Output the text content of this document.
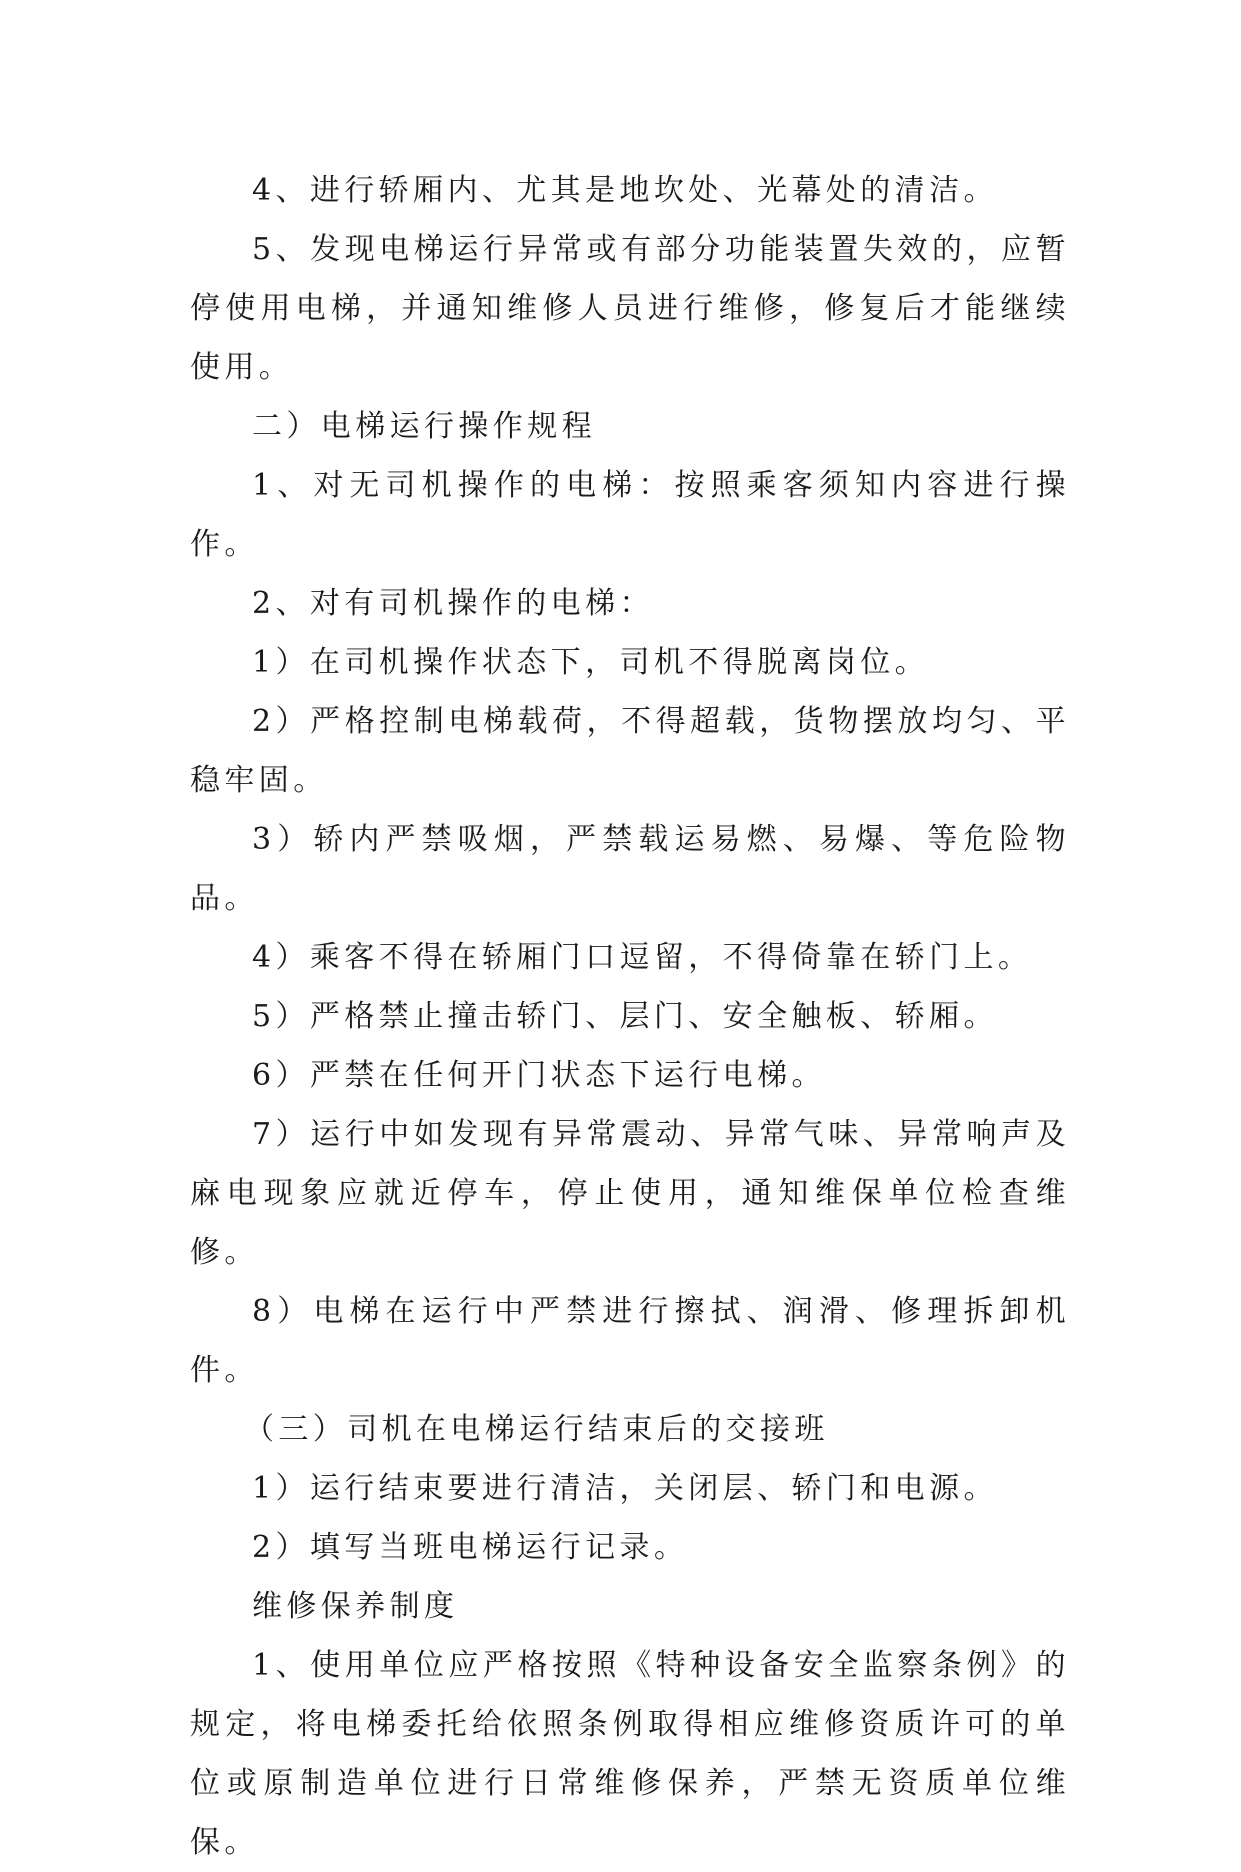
4、进行轿厢内、尤其是地坎处、光幕处的清洁。

5、发现电梯运行异常或有部分功能装置失效的，应暂停使用电梯，并通知维修人员进行维修，修复后才能继续使用。

二）电梯运行操作规程

1、对无司机操作的电梯：按照乘客须知内容进行操作。

2、对有司机操作的电梯：

1）在司机操作状态下，司机不得脱离岗位。

2）严格控制电梯载荷，不得超载，货物摆放均匀、平稳牢固。

3）轿内严禁吸烟，严禁载运易燃、易爆、等危险物品。

4）乘客不得在轿厢门口逗留，不得倚靠在轿门上。

5）严格禁止撞击轿门、层门、安全触板、轿厢。

6）严禁在任何开门状态下运行电梯。

7）运行中如发现有异常震动、异常气味、异常响声及麻电现象应就近停车，停止使用，通知维保单位检查维修。

8）电梯在运行中严禁进行擦拭、润滑、修理拆卸机件。

（三）司机在电梯运行结束后的交接班

1）运行结束要进行清洁，关闭层、轿门和电源。

2）填写当班电梯运行记录。

维修保养制度

1、使用单位应严格按照《特种设备安全监察条例》的规定，将电梯委托给依照条例取得相应维修资质许可的单位或原制造单位进行日常维修保养，严禁无资质单位维保。
